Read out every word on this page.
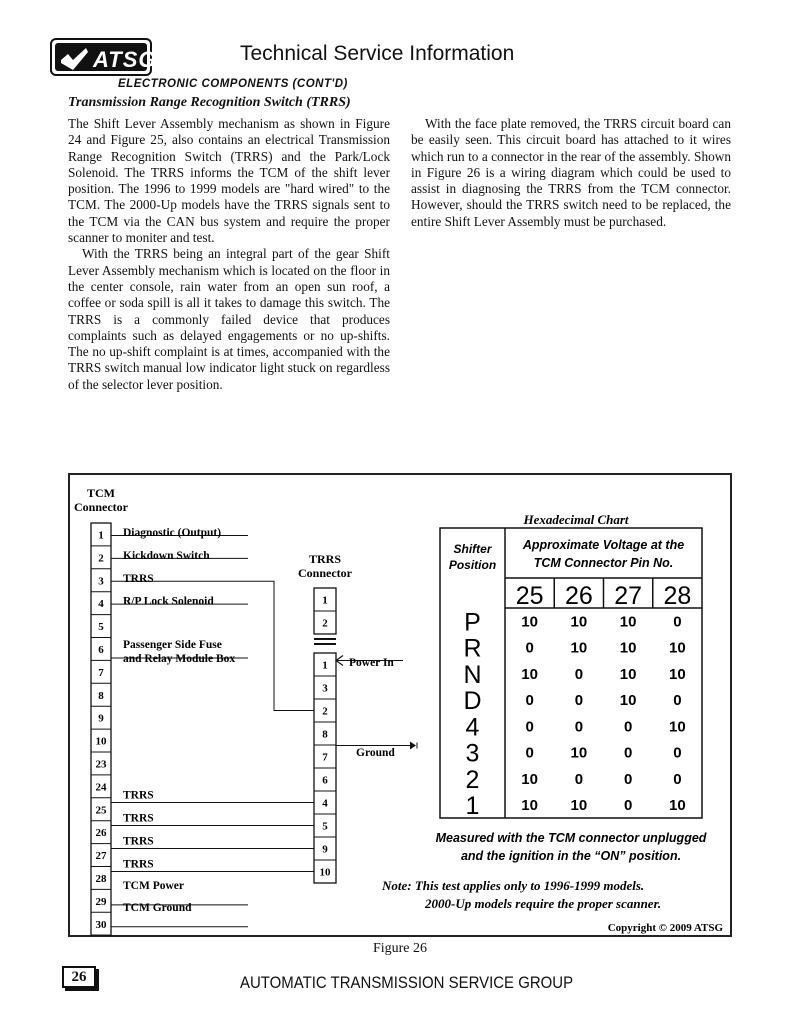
ATSG	Technical Service Information
ELECTRONIC COMPONENTS (CONT'D)
Transmission Range Recognition Switch (TRRS)

The Shift Lever Assembly mechanism as shown in Figure 24 and Figure 25, also contains an electrical Transmission Range Recognition Switch (TRRS) and the Park/Lock Solenoid. The TRRS informs the TCM of the shift lever position. The 1996 to 1999 models are "hard wired" to the TCM. The 2000-Up models have the TRRS signals sent to the TCM via the CAN bus system and require the proper scanner to moniter and test.

With the TRRS being an integral part of the gear Shift Lever Assembly mechanism which is located on the floor in the center console, rain water from an open sun roof, a coffee or soda spill is all it takes to damage this switch. The TRRS is a commonly failed device that produces complaints such as delayed engagements or no up-shifts. The no up-shift complaint is at times, accompanied with the TRRS switch manual low indicator light stuck on regardless of the selector lever position.

With the face plate removed, the TRRS circuit board can be easily seen. This circuit board has attached to it wires which run to a connector in the rear of the assembly. Shown in Figure 26 is a wiring diagram which could be used to assist in diagnosing the TRRS from the TCM connector. However, should the TRRS switch need to be replaced, the entire Shift Lever Assembly must be purchased.

TCM
Connector
1
2
3
4
5
6
7
8
9
10
23
24
25
26
27
28
29
30
TRRS
Connector
1
2
1
3
2
8
7
6
4
5
9
10
Diagnostic (Output)
Kickdown Switch
TRRS
R/P Lock Solenoid
Passenger Side Fuse
and Relay Module Box
TRRS
TRRS
TRRS
TRRS
TCM Power
TCM Ground
Power In
Ground
Hexadecimal Chart
Shifter
Position
Approximate Voltage at the
TCM Connector Pin No.
25 26 27 28
P	10 10 10 0
R	0 10 10 10
N	10 0 10 10
D	0	0 10 0
4	0	0	0 10
3	0 10 0	0
2	10 0	0	0
1	10 10 0 10
Measured with the TCM connector unplugged
and the ignition in the “ON” position.
Note: This test applies only to 1996-1999 models.
2000-Up models require the proper scanner.
Copyright © 2009 ATSG
Figure 26
26	AUTOMATIC TRANSMISSION SERVICE GROUP
